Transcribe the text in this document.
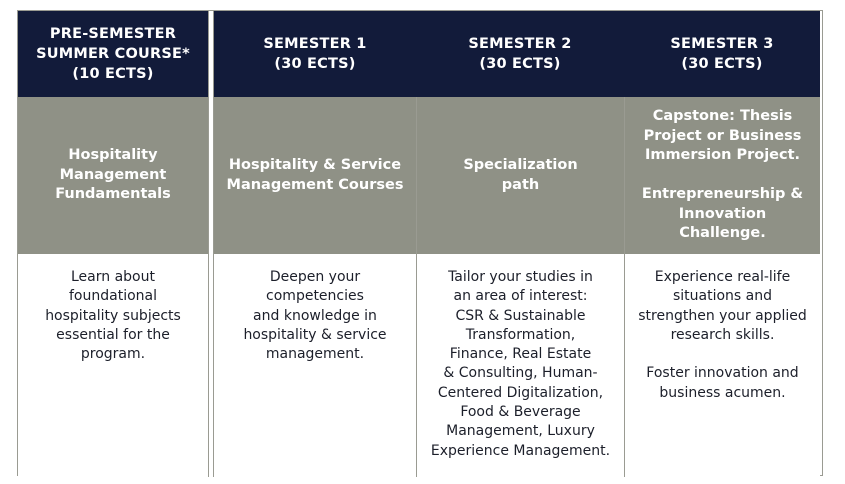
PRE-SEMESTER
SUMMER COURSE*
(10 ECTS)
SEMESTER 1
(30 ECTS)
SEMESTER 2
(30 ECTS)
SEMESTER 3
(30 ECTS)
Hospitality
Management
Fundamentals
Hospitality & Service
Management Courses
Specialization
path
Capstone: Thesis
Project or Business
Immersion Project.

Entrepreneurship &
Innovation Challenge.
Learn about
foundational
hospitality subjects
essential for the
program.
Deepen your
competencies
and knowledge in
hospitality & service
management.
Tailor your studies in
an area of interest:
CSR & Sustainable
Transformation,
Finance, Real Estate
& Consulting, Human-
Centered Digitalization,
Food & Beverage
Management, Luxury
Experience Management.
Experience real-life
situations and
strengthen your applied
research skills.

Foster innovation and
business acumen.
